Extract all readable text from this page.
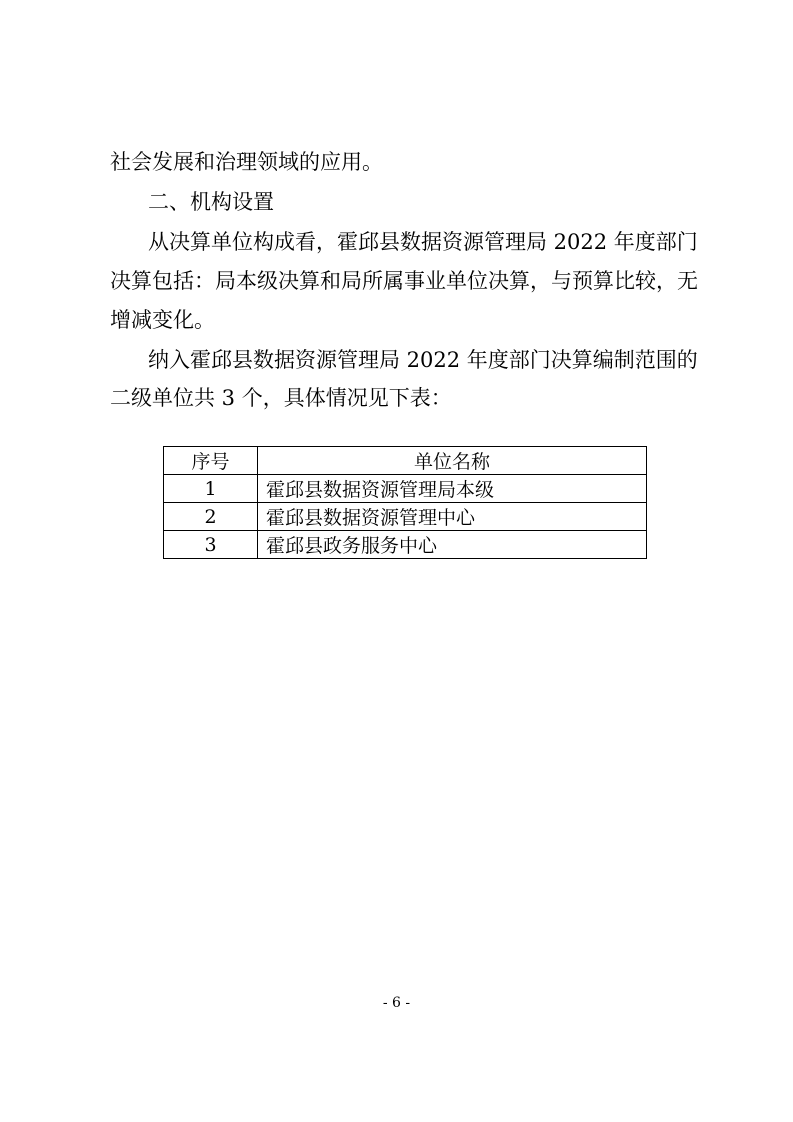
社会发展和治理领域的应用。
二、机构设置
从决算单位构成看，霍邱县数据资源管理局 2022 年度部门
决算包括：局本级决算和局所属事业单位决算，与预算比较，无
增减变化。
纳入霍邱县数据资源管理局 2022 年度部门决算编制范围的
二级单位共 3 个，具体情况见下表：
序号	单位名称
1	霍邱县数据资源管理局本级
2	霍邱县数据资源管理中心
3	霍邱县政务服务中心
- 6 -
